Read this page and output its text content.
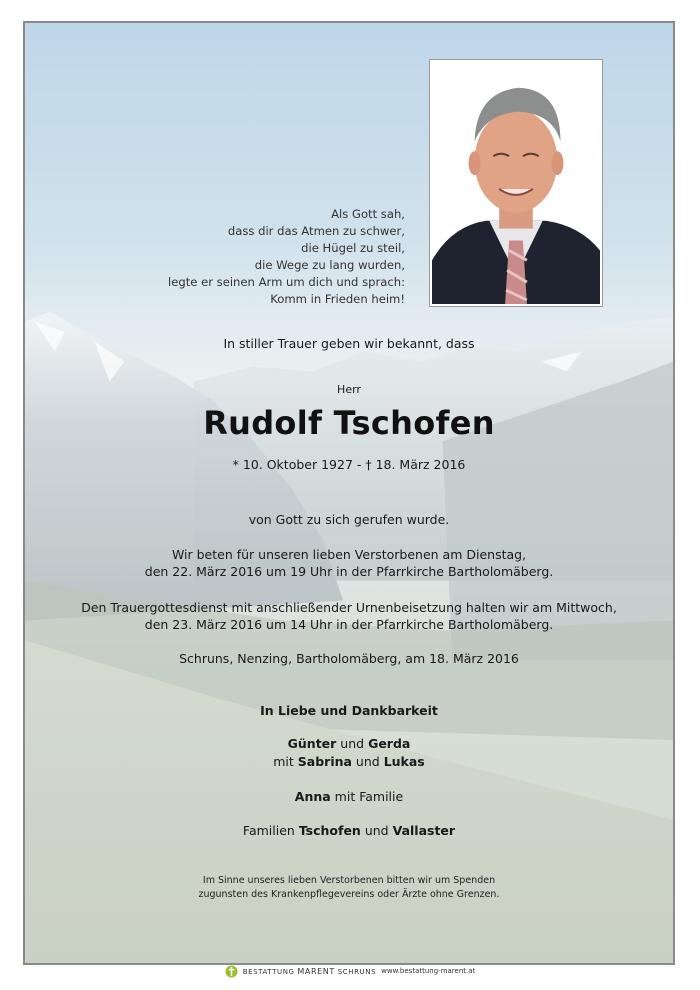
Als Gott sah,
dass dir das Atmen zu schwer,
die Hügel zu steil,
die Wege zu lang wurden,
legte er seinen Arm um dich und sprach:
Komm in Frieden heim!
In stiller Trauer geben wir bekannt, dass
Herr
Rudolf Tschofen
* 10. Oktober 1927 - † 18. März 2016
von Gott zu sich gerufen wurde.
Wir beten für unseren lieben Verstorbenen am Dienstag,
den 22. März 2016 um 19 Uhr in der Pfarrkirche Bartholomäberg.
Den Trauergottesdienst mit anschließender Urnenbeisetzung halten wir am Mittwoch,
den 23. März 2016 um 14 Uhr in der Pfarrkirche Bartholomäberg.
Schruns, Nenzing, Bartholomäberg, am 18. März 2016
In Liebe und Dankbarkeit
Günter und Gerda
mit Sabrina und Lukas
Anna mit Familie
Familien Tschofen und Vallaster
Im Sinne unseres lieben Verstorbenen bitten wir um Spenden
zugunsten des Krankenpflegevereins oder Ärzte ohne Grenzen.
BESTATTUNG MARENT SCHRUNS www.bestattung-marent.at
